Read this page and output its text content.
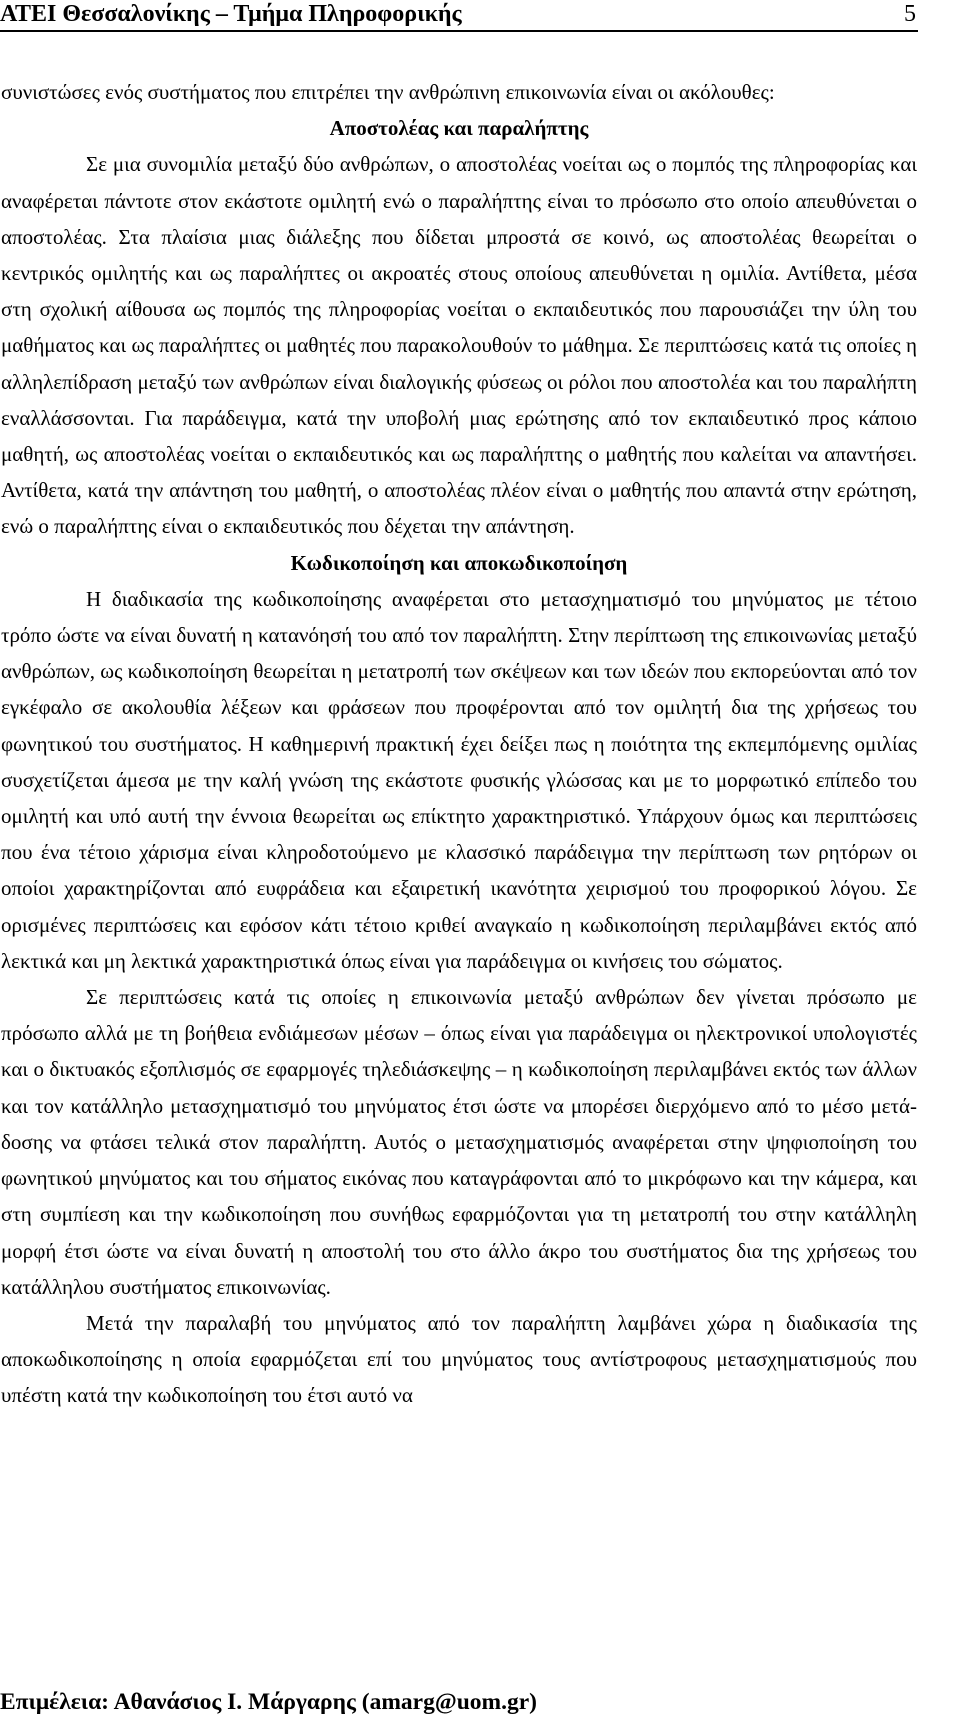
ΑΤΕΙ Θεσσαλονίκης – Τμήμα Πληροφορικής	5

συνιστώσες ενός συστήματος που επιτρέπει την ανθρώπινη επικοινωνία είναι οι ακόλουθες:

Αποστολέας και παραλήπτης

Σε μια συνομιλία μεταξύ δύο ανθρώπων, ο αποστολέας νοείται ως ο πομπός της πληροφορίας και αναφέρεται πάντοτε στον εκάστοτε ομιλητή ενώ ο παραλήπτης είναι το πρόσωπο στο οποίο απευθύνεται ο αποστολέας. Στα πλαίσια μιας διάλεξης που δίδεται μπροστά σε κοινό, ως αποστολέας θεωρείται ο κεντρικός ομιλητής και ως παραλήπτες οι ακροατές στους οποίους απευθύνεται η ομιλία. Αντίθετα, μέσα στη σχολική αίθουσα ως πομπός της πληροφορίας νοείται ο εκπαιδευτικός που παρουσιάζει την ύλη του μαθήματος και ως παραλήπτες οι μαθητές που παρακολουθούν το μάθημα. Σε περιπτώσεις κατά τις οποίες η αλληλεπίδραση μεταξύ των ανθρώπων είναι διαλογικής φύσεως οι ρόλοι που αποστολέα και του παραλήπτη εναλλάσσονται. Για παράδειγμα, κατά την υποβολή μιας ερώτησης από τον εκπαιδευτικό προς κάποιο μαθητή, ως αποστολέας νοείται ο εκπαιδευτικός και ως παραλήπτης ο μαθητής που καλείται να απαντήσει. Αντίθετα, κατά την απάντηση του μαθητή, ο αποστολέας πλέον είναι ο μαθητής που απαντά στην ερώτηση, ενώ ο παραλήπτης είναι ο εκπαιδευτικός που δέχεται την απάντηση.

Κωδικοποίηση και αποκωδικοποίηση

Η διαδικασία της κωδικοποίησης αναφέρεται στο μετασχηματισμό του μηνύματος με τέτοιο τρόπο ώστε να είναι δυνατή η κατανόησή του από τον παραλήπτη. Στην περίπτωση της επικοινωνίας μεταξύ ανθρώπων, ως κωδικοποίηση θεωρείται η μετατροπή των σκέψεων και των ιδεών που εκπορεύονται από τον εγκέφαλο σε ακολουθία λέξεων και φράσεων που προφέρονται από τον ομιλητή δια της χρήσεως του φωνητικού του συστήματος. Η καθημερινή πρακτική έχει δείξει πως η ποιότητα της εκπεμπόμενης ομιλίας συσχετίζεται άμεσα με την καλή γνώση της εκάστοτε φυσικής γλώσσας και με το μορφωτικό επίπεδο του ομιλητή και υπό αυτή την έννοια θεωρείται ως επίκτητο χαρακτηριστικό. Υπάρχουν όμως και περιπτώσεις που ένα τέτοιο χάρισμα είναι κληροδοτούμενο με κλασσικό παράδειγμα την περίπτωση των ρητόρων οι οποίοι χαρακτηρίζονται από ευφράδεια και εξαιρετική ικανότητα χειρισμού του προφορικού λόγου. Σε ορισμένες περιπτώσεις και εφόσον κάτι τέτοιο κριθεί αναγκαίο η κωδικοποίηση περιλαμβάνει εκτός από λεκτικά και μη λεκτικά χαρακτηριστικά όπως είναι για παράδειγμα οι κινήσεις του σώματος.

Σε περιπτώσεις κατά τις οποίες η επικοινωνία μεταξύ ανθρώπων δεν γίνεται πρόσωπο με πρόσωπο αλλά με τη βοήθεια ενδιάμεσων μέσων – όπως είναι για παράδειγμα οι ηλεκτρονικοί υπολογιστές και ο δικτυακός εξοπλισμός σε εφαρμογές τηλεδιάσκεψης – η κωδικοποίηση περιλαμβάνει εκτός των άλλων και τον κατάλληλο μετασχηματισμό του μηνύματος έτσι ώστε να μπορέσει διερχόμενο από το μέσο μετάδοσης να φτάσει τελικά στον παραλήπτη. Αυτός ο μετασχηματισμός αναφέρεται στην ψηφιοποίηση του φωνητικού μηνύματος και του σήματος εικόνας που καταγράφονται από το μικρόφωνο και την κάμερα, και στη συμπίεση και την κωδικοποίηση που συνήθως εφαρμόζονται για τη μετατροπή του στην κατάλληλη μορφή έτσι ώστε να είναι δυνατή η αποστολή του στο άλλο άκρο του συστήματος δια της χρήσεως του κατάλληλου συστήματος επικοινωνίας.

Μετά την παραλαβή του μηνύματος από τον παραλήπτη λαμβάνει χώρα η διαδικασία της αποκωδικοποίησης η οποία εφαρμόζεται επί του μηνύματος τους αντίστροφους μετασχηματισμούς που υπέστη κατά την κωδικοποίηση του έτσι αυτό να

Επιμέλεια: Αθανάσιος Ι. Μάργαρης (amarg@uom.gr)
